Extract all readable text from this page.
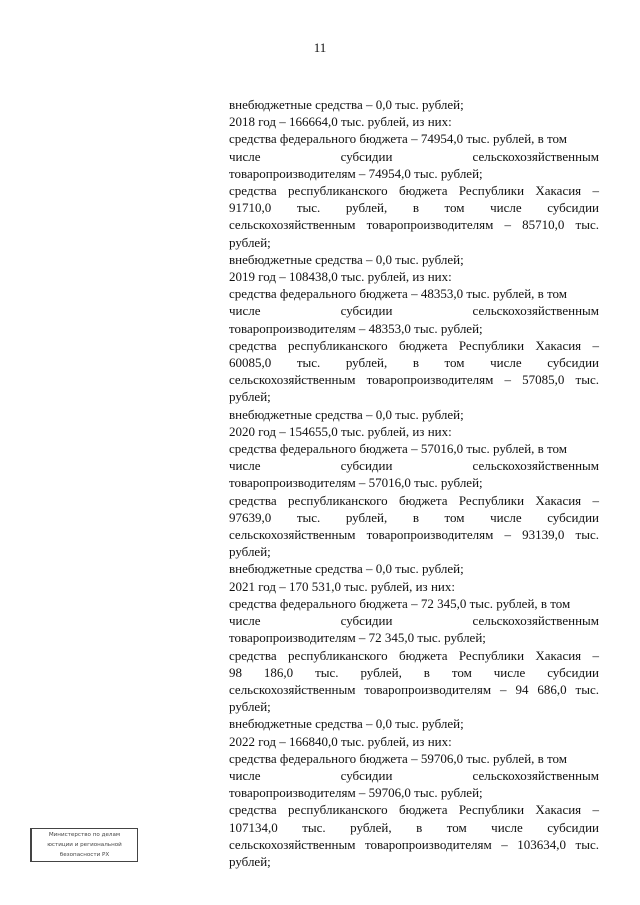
11
внебюджетные средства – 0,0 тыс. рублей;
2018 год – 166664,0 тыс. рублей, из них:
средства федерального бюджета – 74954,0 тыс. рублей, в том
числе субсидии сельскохозяйственным
товаропроизводителям – 74954,0 тыс. рублей;
средства республиканского бюджета Республики Хакасия –
91710,0 тыс. рублей, в том числе субсидии
сельскохозяйственным товаропроизводителям – 85710,0 тыс.
рублей;
внебюджетные средства – 0,0 тыс. рублей;
2019 год – 108438,0 тыс. рублей, из них:
средства федерального бюджета – 48353,0 тыс. рублей, в том
числе субсидии сельскохозяйственным
товаропроизводителям – 48353,0 тыс. рублей;
средства республиканского бюджета Республики Хакасия –
60085,0 тыс. рублей, в том числе субсидии
сельскохозяйственным товаропроизводителям – 57085,0 тыс.
рублей;
внебюджетные средства – 0,0 тыс. рублей;
2020 год – 154655,0 тыс. рублей, из них:
средства федерального бюджета – 57016,0 тыс. рублей, в том
числе субсидии сельскохозяйственным
товаропроизводителям – 57016,0 тыс. рублей;
средства республиканского бюджета Республики Хакасия –
97639,0 тыс. рублей, в том числе субсидии
сельскохозяйственным товаропроизводителям – 93139,0 тыс.
рублей;
внебюджетные средства – 0,0 тыс. рублей;
2021 год – 170 531,0 тыс. рублей, из них:
средства федерального бюджета – 72 345,0 тыс. рублей, в том
числе субсидии сельскохозяйственным
товаропроизводителям – 72 345,0 тыс. рублей;
средства республиканского бюджета Республики Хакасия –
98 186,0 тыс. рублей, в том числе субсидии
сельскохозяйственным товаропроизводителям – 94 686,0 тыс.
рублей;
внебюджетные средства – 0,0 тыс. рублей;
2022 год – 166840,0 тыс. рублей, из них:
средства федерального бюджета – 59706,0 тыс. рублей, в том
числе субсидии сельскохозяйственным
товаропроизводителям – 59706,0 тыс. рублей;
средства республиканского бюджета Республики Хакасия –
107134,0 тыс. рублей, в том числе субсидии
сельскохозяйственным товаропроизводителям – 103634,0 тыс.
рублей;
Министерство по делам
юстиции и региональной
безопасности РХ
